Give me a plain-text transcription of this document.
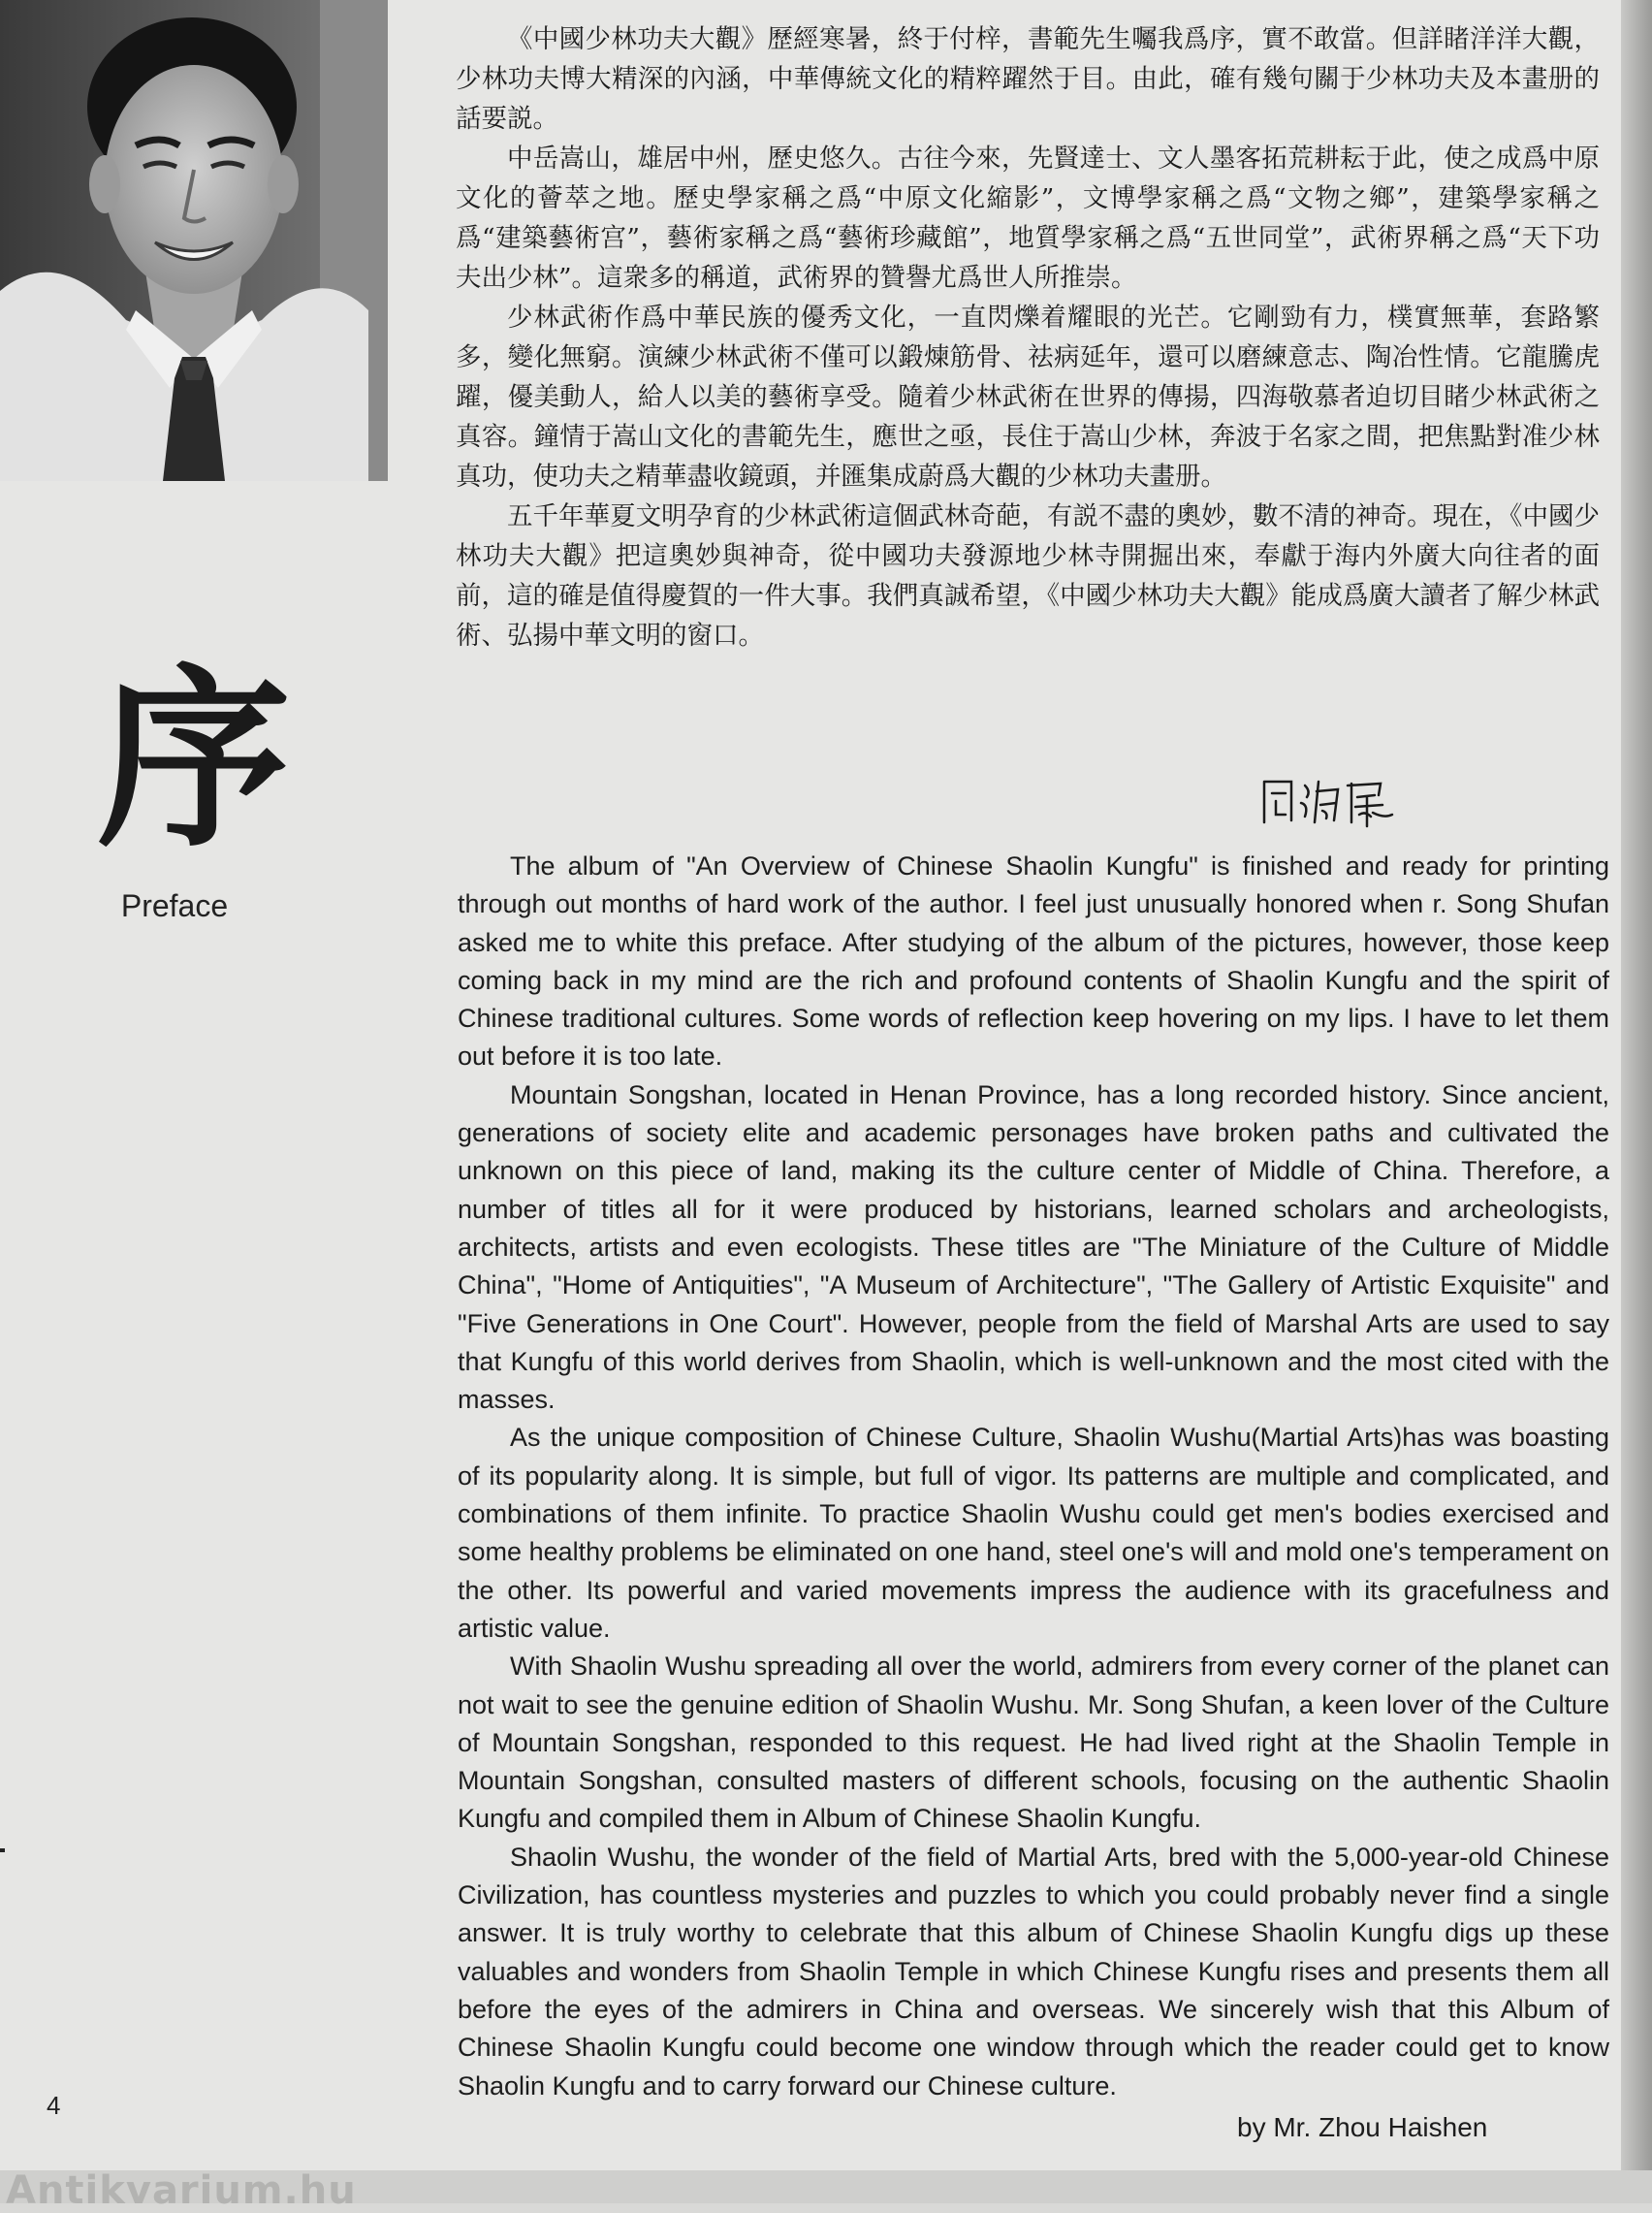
序
Preface

《中國少林功夫大觀》歷經寒暑，終于付梓，書範先生囑我爲序，實不敢當。但詳睹洋洋大觀，少林功夫博大精深的內涵，中華傳統文化的精粹躍然于目。由此，確有幾句關于少林功夫及本畫册的話要説。

中岳嵩山，雄居中州，歷史悠久。古往今來，先賢達士、文人墨客拓荒耕耘于此，使之成爲中原文化的薈萃之地。歷史學家稱之爲“中原文化縮影”，文博學家稱之爲“文物之鄉”，建築學家稱之爲“建築藝術宫”，藝術家稱之爲“藝術珍藏館”，地質學家稱之爲“五世同堂”，武術界稱之爲“天下功夫出少林”。這衆多的稱道，武術界的贊譽尤爲世人所推崇。

少林武術作爲中華民族的優秀文化，一直閃爍着耀眼的光芒。它剛勁有力，樸實無華，套路繁多，變化無窮。演練少林武術不僅可以鍛煉筋骨、祛病延年，還可以磨練意志、陶冶性情。它龍騰虎躍，優美動人，給人以美的藝術享受。隨着少林武術在世界的傳揚，四海敬慕者迫切目睹少林武術之真容。鐘情于嵩山文化的書範先生，應世之亟，長住于嵩山少林，奔波于名家之間，把焦點對准少林真功，使功夫之精華盡收鏡頭，并匯集成蔚爲大觀的少林功夫畫册。

五千年華夏文明孕育的少林武術這個武林奇葩，有説不盡的奧妙，數不清的神奇。現在，《中國少林功夫大觀》把這奧妙與神奇，從中國功夫發源地少林寺開掘出來，奉獻于海内外廣大向往者的面前，這的確是值得慶賀的一件大事。我們真誠希望，《中國少林功夫大觀》能成爲廣大讀者了解少林武術、弘揚中華文明的窗口。

The album of "An Overview of Chinese Shaolin Kungfu" is finished and ready for printing through out months of hard work of the author. I feel just unusually honored when r. Song Shufan asked me to white this preface. After studying of the album of the pictures, however, those keep coming back in my mind are the rich and profound contents of Shaolin Kungfu and the spirit of Chinese traditional cultures. Some words of reflection keep hovering on my lips. I have to let them out before it is too late.

Mountain Songshan, located in Henan Province, has a long recorded history. Since ancient, generations of society elite and academic personages have broken paths and cultivated the unknown on this piece of land, making its the culture center of Middle of China. Therefore, a number of titles all for it were produced by historians, learned scholars and archeologists, architects, artists and even ecologists. These titles are "The Miniature of the Culture of Middle China", "Home of Antiquities", "A Museum of Architecture", "The Gallery of Artistic Exquisite" and "Five Generations in One Court". However, people from the field of Marshal Arts are used to say that Kungfu of this world derives from Shaolin, which is well-unknown and the most cited with the masses.

As the unique composition of Chinese Culture, Shaolin Wushu(Martial Arts)has was boasting of its popularity along. It is simple, but full of vigor. Its patterns are multiple and complicated, and combinations of them infinite. To practice Shaolin Wushu could get men's bodies exercised and some healthy problems be eliminated on one hand, steel one's will and mold one's temperament on the other. Its powerful and varied movements impress the audience with its gracefulness and artistic value.

With Shaolin Wushu spreading all over the world, admirers from every corner of the planet can not wait to see the genuine edition of Shaolin Wushu. Mr. Song Shufan, a keen lover of the Culture of Mountain Songshan, responded to this request. He had lived right at the Shaolin Temple in Mountain Songshan, consulted masters of different schools, focusing on the authentic Shaolin Kungfu and compiled them in Album of Chinese Shaolin Kungfu.

Shaolin Wushu, the wonder of the field of Martial Arts, bred with the 5,000-year-old Chinese Civilization, has countless mysteries and puzzles to which you could probably never find a single answer. It is truly worthy to celebrate that this album of Chinese Shaolin Kungfu digs up these valuables and wonders from Shaolin Temple in which Chinese Kungfu rises and presents them all before the eyes of the admirers in China and overseas. We sincerely wish that this Album of Chinese Shaolin Kungfu could become one window through which the reader could get to know Shaolin Kungfu and to carry forward our Chinese culture.

by Mr. Zhou Haishen
4
Antikvarium.hu
